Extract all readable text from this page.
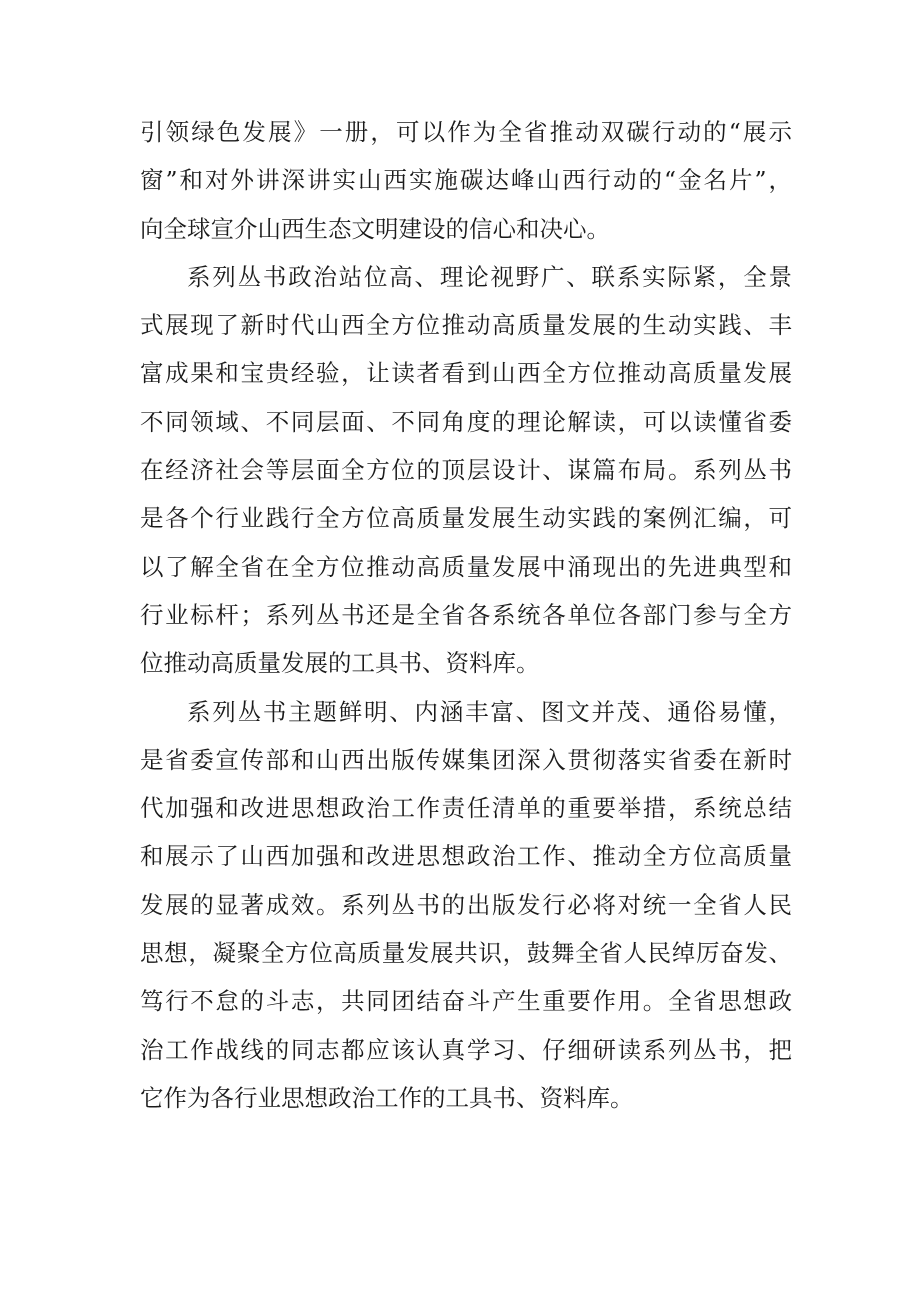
引领绿色发展》一册，可以作为全省推动双碳行动的“展示
窗”和对外讲深讲实山西实施碳达峰山西行动的“金名片”，
向全球宣介山西生态文明建设的信心和决心。
系列丛书政治站位高、理论视野广、联系实际紧，全景
式展现了新时代山西全方位推动高质量发展的生动实践、丰
富成果和宝贵经验，让读者看到山西全方位推动高质量发展
不同领域、不同层面、不同角度的理论解读，可以读懂省委
在经济社会等层面全方位的顶层设计、谋篇布局。系列丛书
是各个行业践行全方位高质量发展生动实践的案例汇编，可
以了解全省在全方位推动高质量发展中涌现出的先进典型和
行业标杆；系列丛书还是全省各系统各单位各部门参与全方
位推动高质量发展的工具书、资料库。
系列丛书主题鲜明、内涵丰富、图文并茂、通俗易懂，
是省委宣传部和山西出版传媒集团深入贯彻落实省委在新时
代加强和改进思想政治工作责任清单的重要举措，系统总结
和展示了山西加强和改进思想政治工作、推动全方位高质量
发展的显著成效。系列丛书的出版发行必将对统一全省人民
思想，凝聚全方位高质量发展共识，鼓舞全省人民绰厉奋发、
笃行不怠的斗志，共同团结奋斗产生重要作用。全省思想政
治工作战线的同志都应该认真学习、仔细研读系列丛书，把
它作为各行业思想政治工作的工具书、资料库。
